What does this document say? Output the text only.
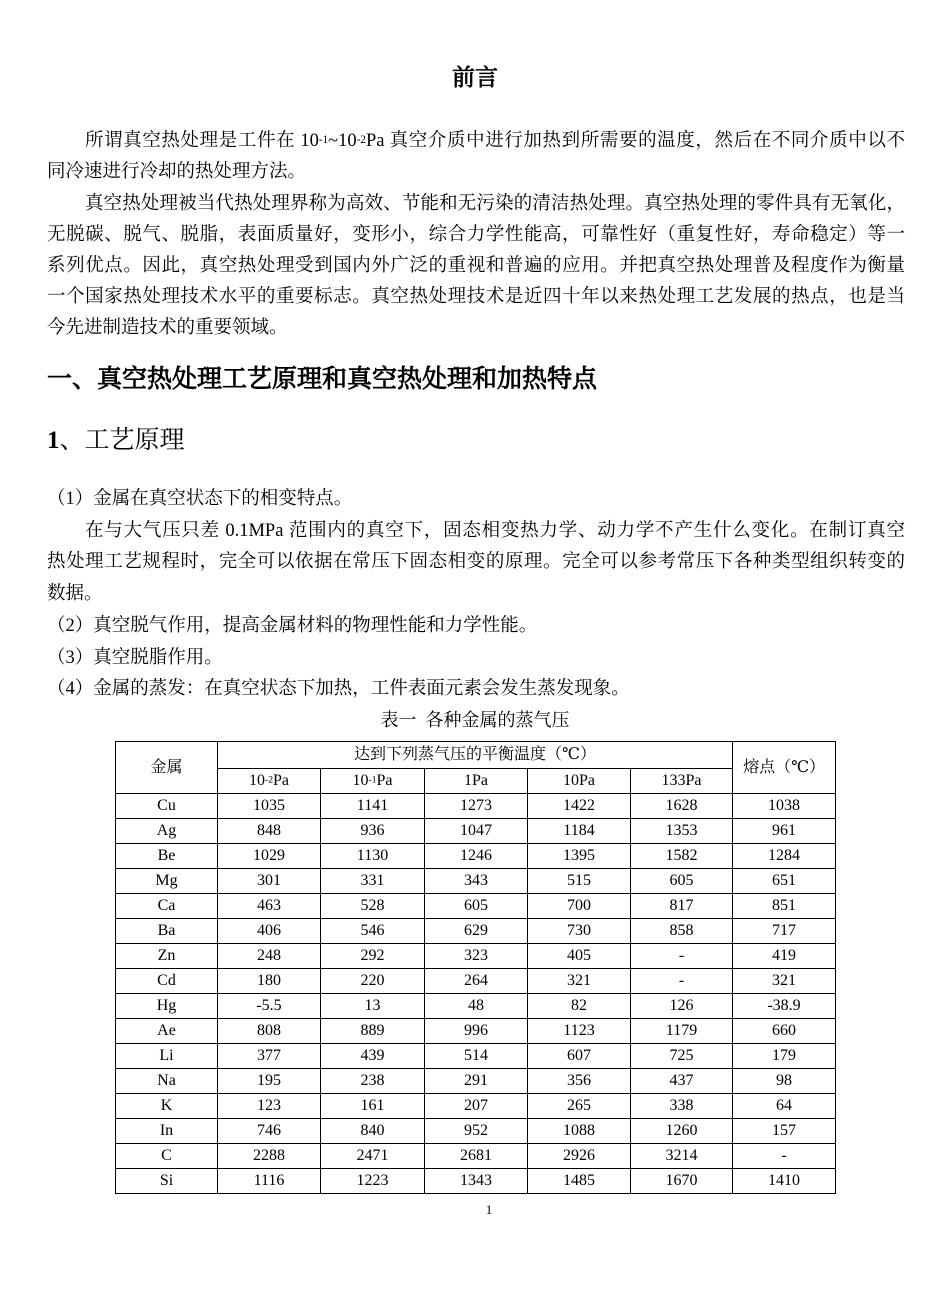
前言
所谓真空热处理是工件在 10-1~10-2Pa 真空介质中进行加热到所需要的温度，然后在不同介质中以不
同冷速进行冷却的热处理方法。
真空热处理被当代热处理界称为高效、节能和无污染的清洁热处理。真空热处理的零件具有无氧化，
无脱碳、脱气、脱脂，表面质量好，变形小，综合力学性能高，可靠性好（重复性好，寿命稳定）等一
系列优点。因此，真空热处理受到国内外广泛的重视和普遍的应用。并把真空热处理普及程度作为衡量
一个国家热处理技术水平的重要标志。真空热处理技术是近四十年以来热处理工艺发展的热点，也是当
今先进制造技术的重要领域。
一、真空热处理工艺原理和真空热处理和加热特点
1、工艺原理
（1）金属在真空状态下的相变特点。
在与大气压只差 0.1MPa 范围内的真空下，固态相变热力学、动力学不产生什么变化。在制订真空
热处理工艺规程时，完全可以依据在常压下固态相变的原理。完全可以参考常压下各种类型组织转变的
数据。
（2）真空脱气作用，提高金属材料的物理性能和力学性能。
（3）真空脱脂作用。
（4）金属的蒸发：在真空状态下加热，工件表面元素会发生蒸发现象。
表一  各种金属的蒸气压
金属	达到下列蒸气压的平衡温度（℃）					熔点（℃）
	10-2Pa	10-1Pa	1Pa	10Pa	133Pa	
Cu	1035	1141	1273	1422	1628	1038
Ag	848	936	1047	1184	1353	961
Be	1029	1130	1246	1395	1582	1284
Mg	301	331	343	515	605	651
Ca	463	528	605	700	817	851
Ba	406	546	629	730	858	717
Zn	248	292	323	405	-	419
Cd	180	220	264	321	-	321
Hg	-5.5	13	48	82	126	-38.9
Ae	808	889	996	1123	1179	660
Li	377	439	514	607	725	179
Na	195	238	291	356	437	98
K	123	161	207	265	338	64
In	746	840	952	1088	1260	157
C	2288	2471	2681	2926	3214	-
Si	1116	1223	1343	1485	1670	1410
1
